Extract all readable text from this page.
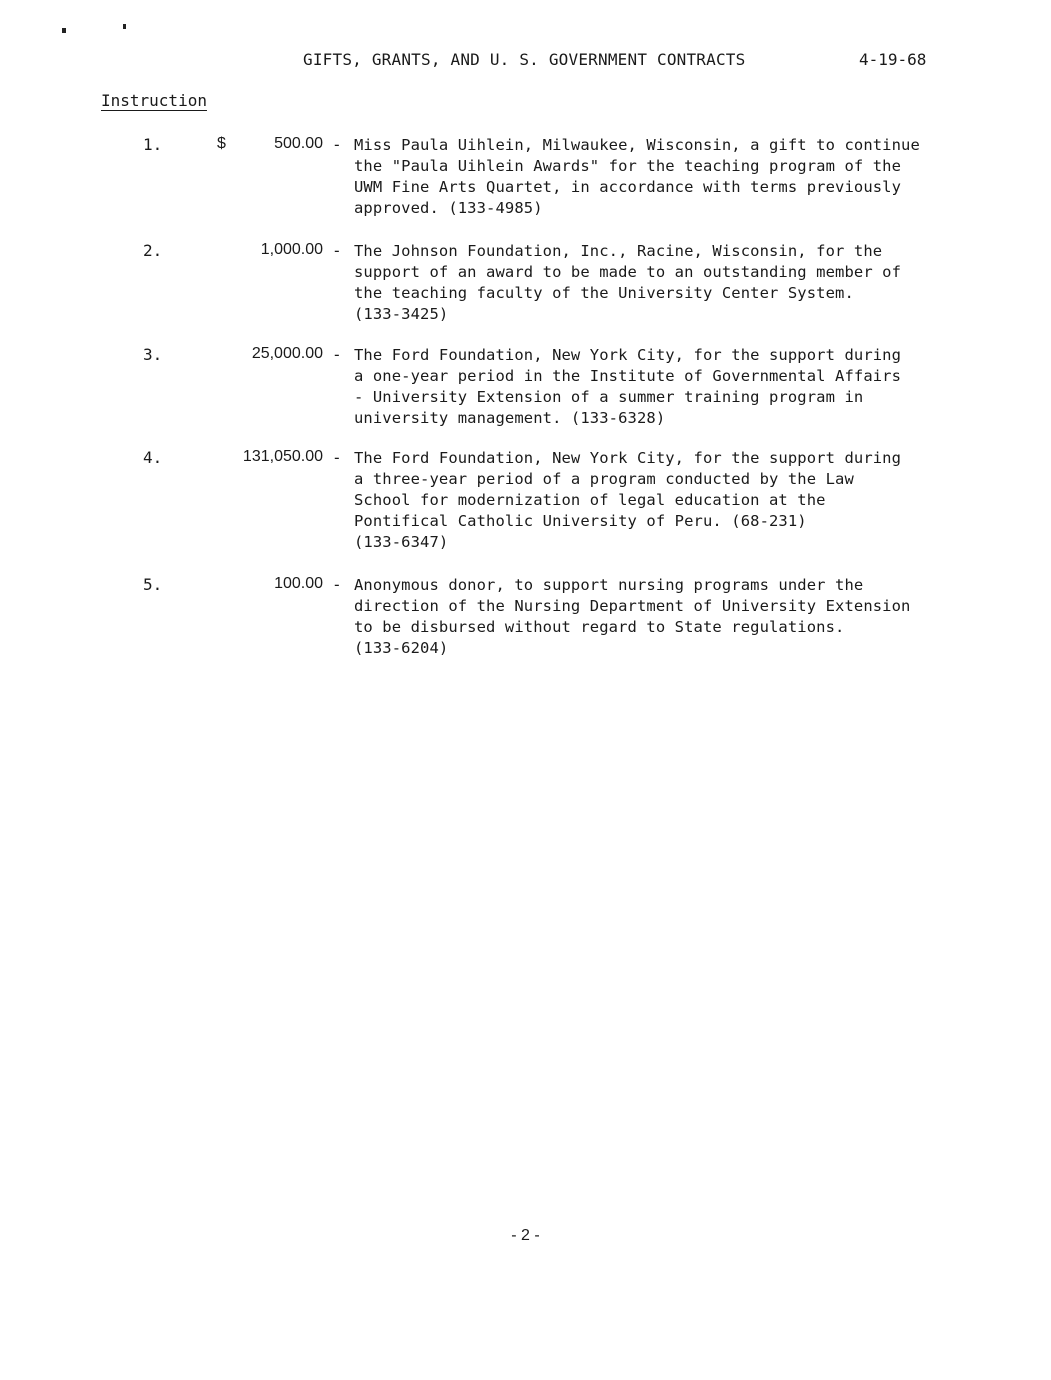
GIFTS, GRANTS, AND U. S. GOVERNMENT CONTRACTS	4-19-68
Instruction
1.	$	500.00 - Miss Paula Uihlein, Milwaukee, Wisconsin, a gift to continue
the "Paula Uihlein Awards" for the teaching program of the
UWM Fine Arts Quartet, in accordance with terms previously
approved. (133-4985)
2.	1,000.00 - The Johnson Foundation, Inc., Racine, Wisconsin, for the
support of an award to be made to an outstanding member of
the teaching faculty of the University Center System.
(133-3425)
3.	25,000.00 - The Ford Foundation, New York City, for the support during
a one-year period in the Institute of Governmental Affairs
- University Extension of a summer training program in
university management. (133-6328)
4.	131,050.00 - The Ford Foundation, New York City, for the support during
a three-year period of a program conducted by the Law
School for modernization of legal education at the
Pontifical Catholic University of Peru. (68-231)
(133-6347)
5.	100.00 - Anonymous donor, to support nursing programs under the
direction of the Nursing Department of University Extension
to be disbursed without regard to State regulations.
(133-6204)
- 2 -
